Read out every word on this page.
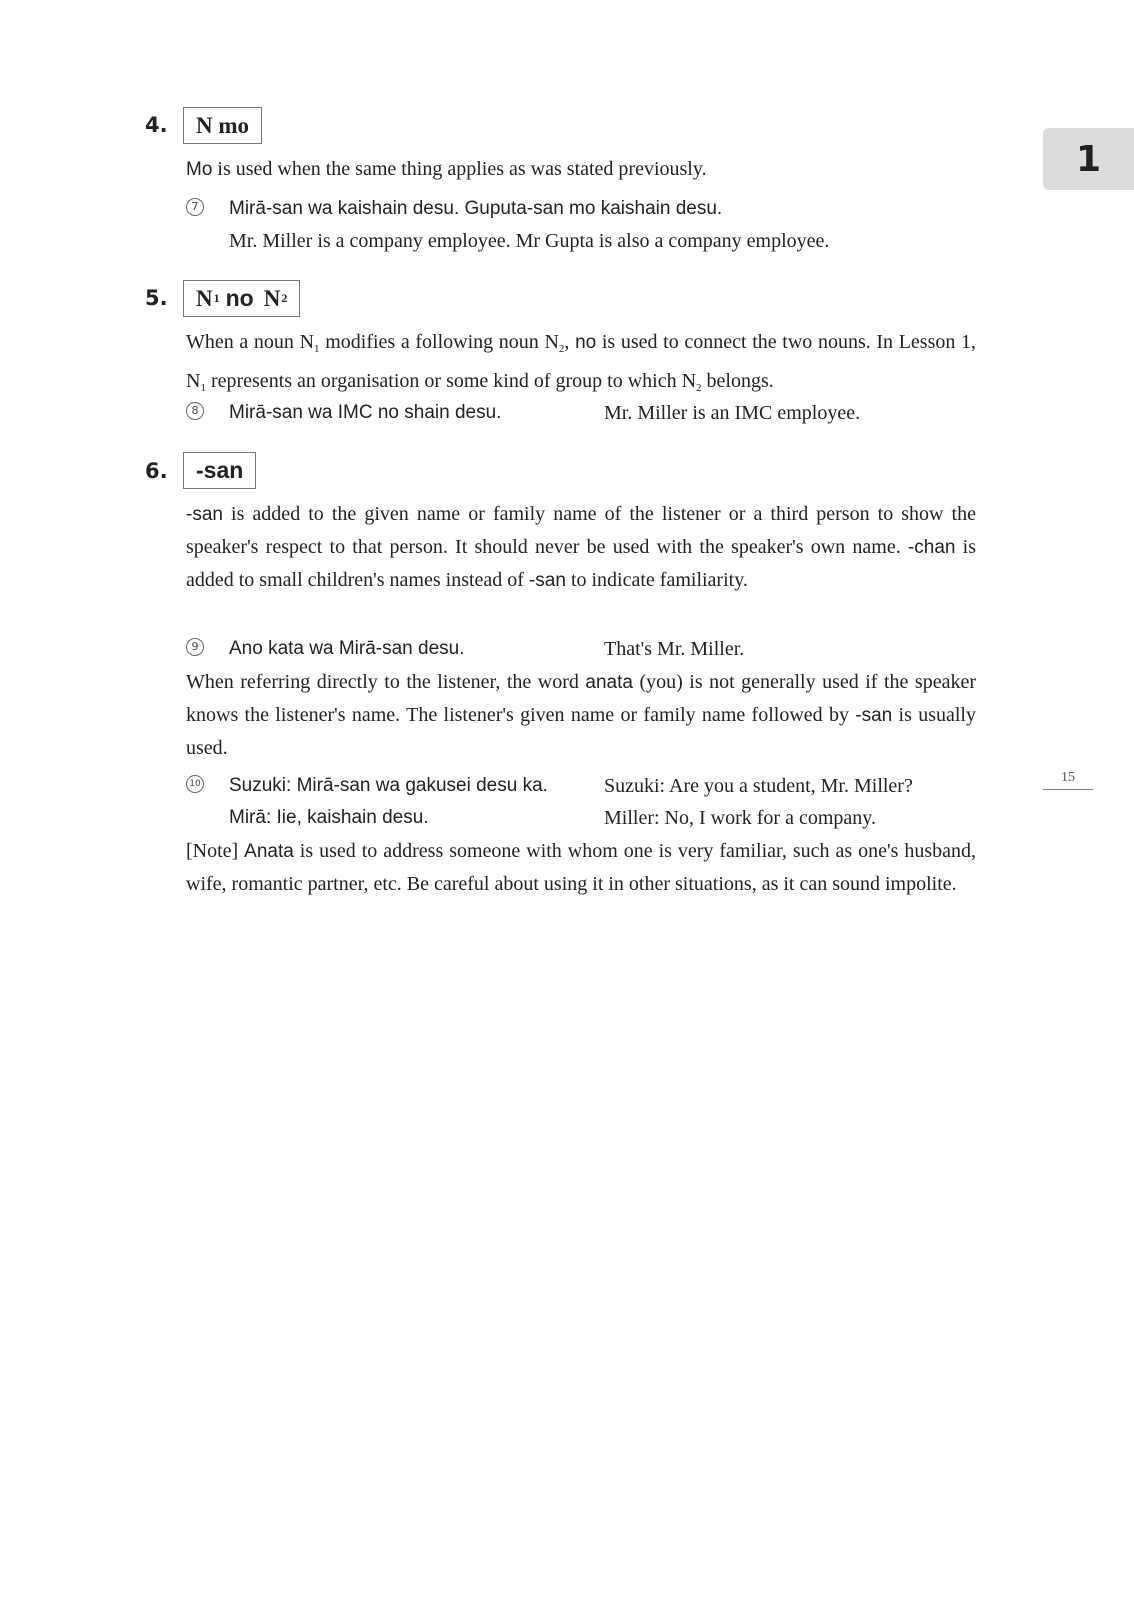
1
15
4. N mo
Mo is used when the same thing applies as was stated previously.
7 Mirā-san wa kaishain desu. Guputa-san mo kaishain desu.
Mr. Miller is a company employee. Mr Gupta is also a company employee.
5. N 1 no N 2
When a noun $N_1$ modifies a following noun $N_2$, no is used to connect the two nouns. In Lesson 1, $N_1$ represents an organisation or some kind of group to which $N_2$ belongs.
8 Mirā-san wa IMC no shain desu.	Mr. Miller is an IMC employee.
6. -san
-san is added to the given name or family name of the listener or a third person to show the speaker's respect to that person. It should never be used with the speaker's own name. -chan is added to small children's names instead of -san to indicate familiarity.
9 Ano kata wa Mirā-san desu.	That's Mr. Miller.
When referring directly to the listener, the word anata (you) is not generally used if the speaker knows the listener's name. The listener's given name or family name followed by -san is usually used.
10 Suzuki: Mirā-san wa gakusei desu ka.	Suzuki: Are you a student, Mr. Miller?
Mirā: Iie, kaishain desu.	Miller: No, I work for a company.
[Note] Anata is used to address someone with whom one is very familiar, such as one's husband, wife, romantic partner, etc. Be careful about using it in other situations, as it can sound impolite.
